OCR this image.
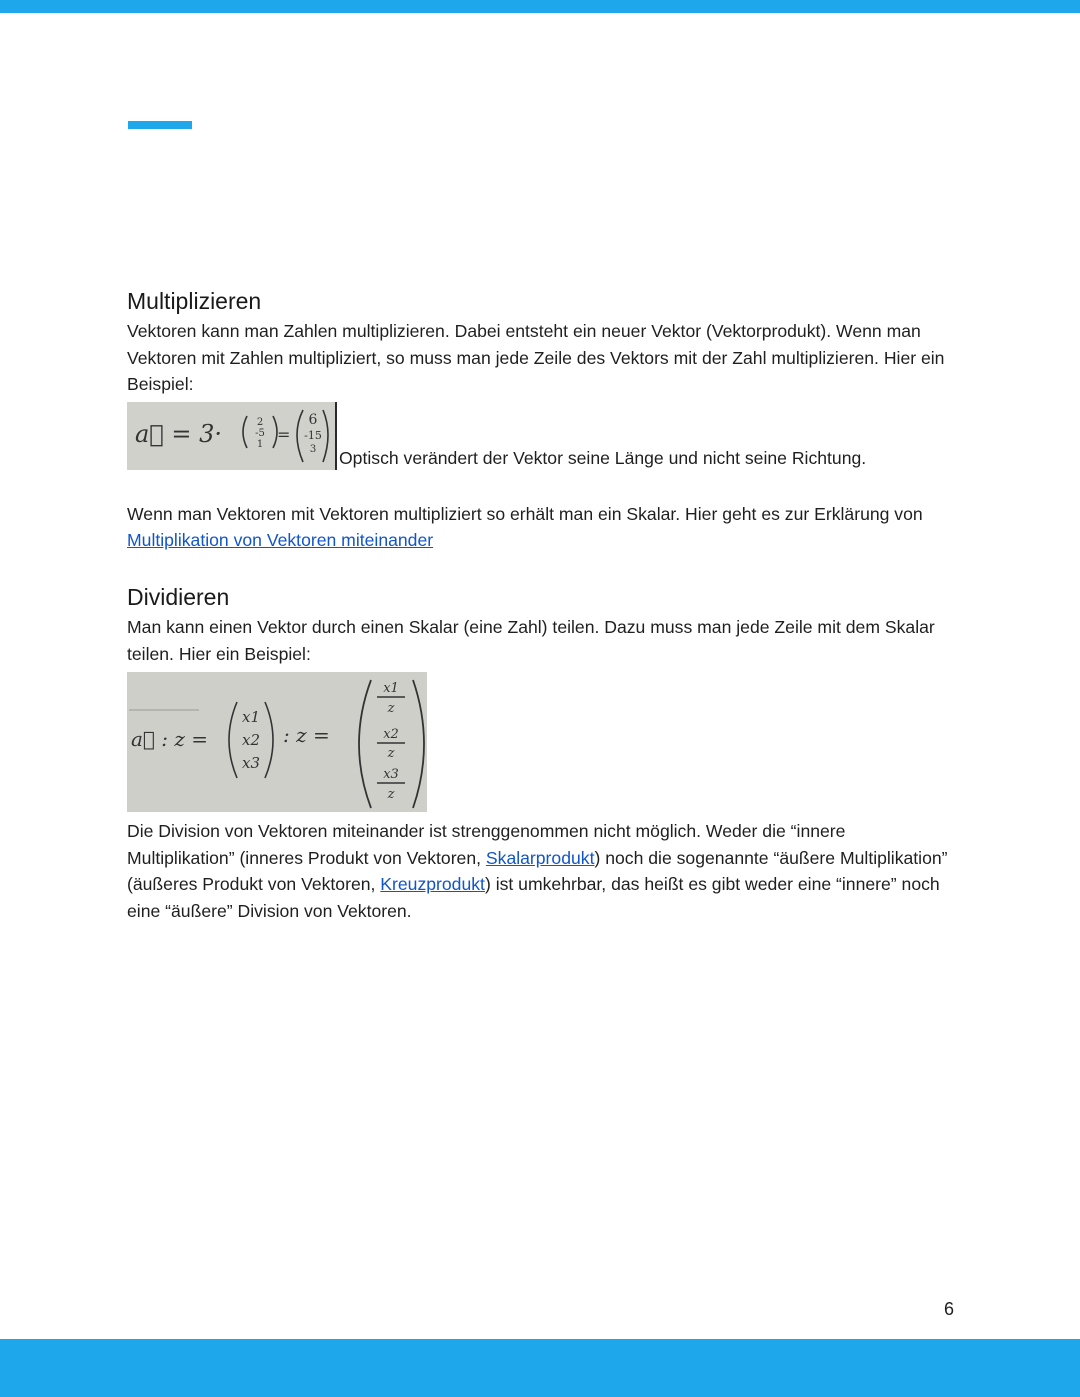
Multiplizieren

Vektoren kann man Zahlen multiplizieren. Dabei entsteht ein neuer Vektor (Vektorprodukt). Wenn man Vektoren mit Zahlen multipliziert, so muss man jede Zeile des Vektors mit der Zahl multiplizieren. Hier ein Beispiel:

a⃗ = 3·	2
-5
1
=
6
-15
3 Optisch verändert der Vektor seine Länge und nicht seine Richtung.

Wenn man Vektoren mit Vektoren multipliziert so erhält man ein Skalar. Hier geht es zur Erklärung von Multiplikation von Vektoren miteinander

Dividieren

Man kann einen Vektor durch einen Skalar (eine Zahl) teilen. Dazu muss man jede Zeile mit dem Skalar teilen. Hier ein Beispiel:

a⃗ : z =
x1
x2
x3
: z =
x1
z
x2
z
x3
z

Die Division von Vektoren miteinander ist strenggenommen nicht möglich. Weder die “innere Multiplikation” (inneres Produkt von Vektoren, Skalarprodukt) noch die sogenannte “äußere Multiplikation” (äußeres Produkt von Vektoren, Kreuzprodukt) ist umkehrbar, das heißt es gibt weder eine “innere” noch eine “äußere” Division von Vektoren.

6
